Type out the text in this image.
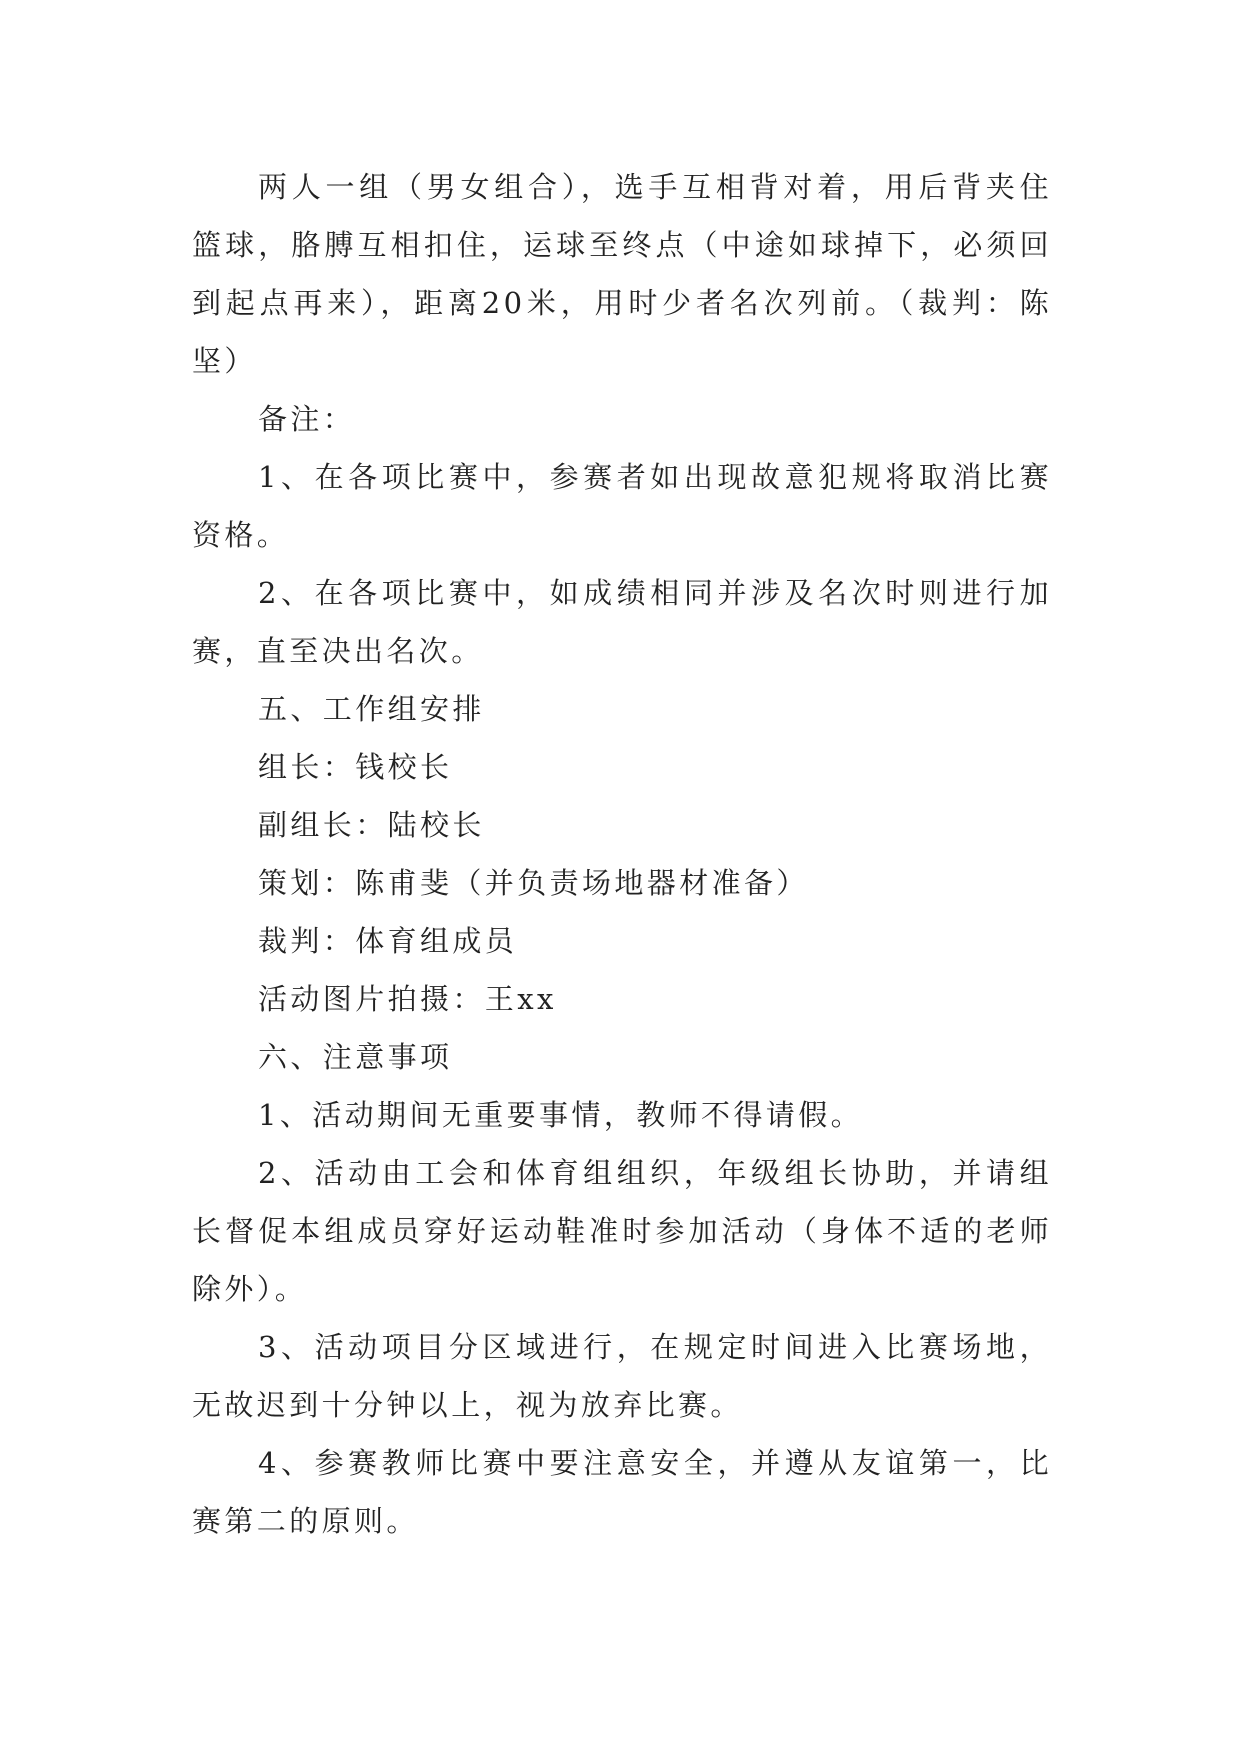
两人一组（男女组合），选手互相背对着，用后背夹住篮球，胳膊互相扣住，运球至终点（中途如球掉下，必须回到起点再来），距离20米，用时少者名次列前。（裁判：陈坚）

备注：

1、在各项比赛中，参赛者如出现故意犯规将取消比赛资格。

2、在各项比赛中，如成绩相同并涉及名次时则进行加赛，直至决出名次。

五、工作组安排

组长：钱校长

副组长：陆校长

策划：陈甫斐（并负责场地器材准备）

裁判：体育组成员

活动图片拍摄：王xx

六、注意事项

1、活动期间无重要事情，教师不得请假。

2、活动由工会和体育组组织，年级组长协助，并请组长督促本组成员穿好运动鞋准时参加活动（身体不适的老师除外）。

3、活动项目分区域进行，在规定时间进入比赛场地，无故迟到十分钟以上，视为放弃比赛。

4、参赛教师比赛中要注意安全，并遵从友谊第一，比赛第二的原则。
